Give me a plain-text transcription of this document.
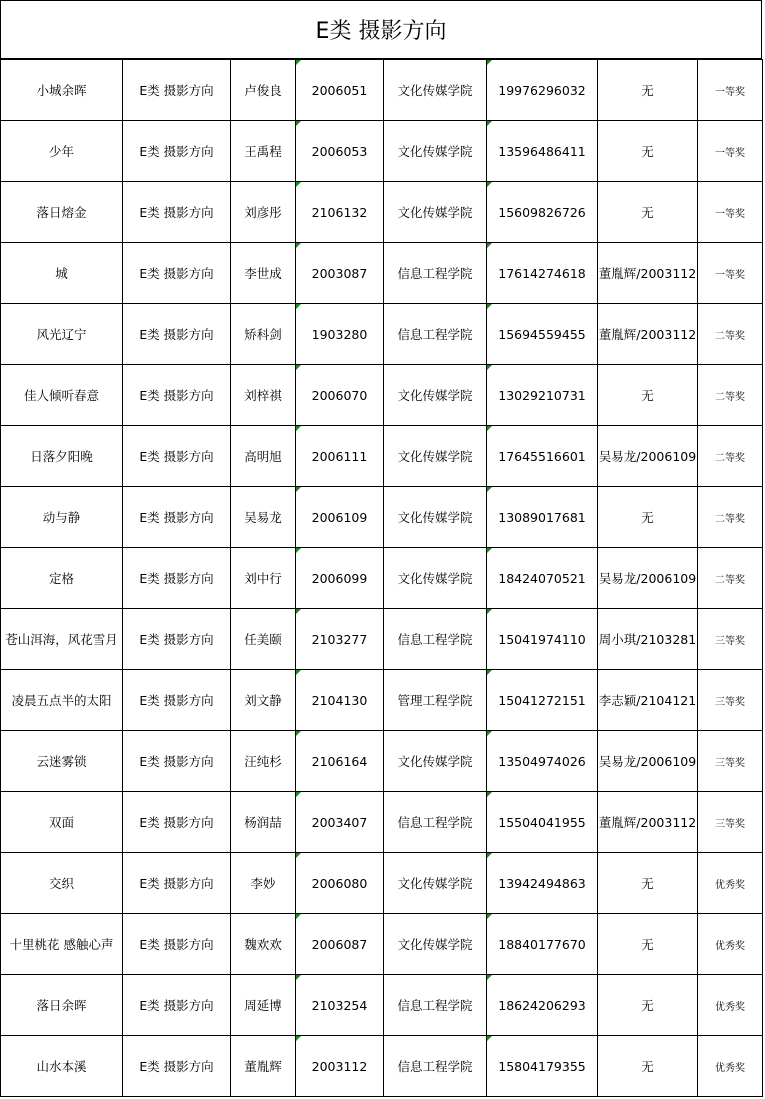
E类 摄影方向
小城余晖	E类 摄影方向	卢俊良	2006051	文化传媒学院	19976296032	无	一等奖
少年	E类 摄影方向	王禹程	2006053	文化传媒学院	13596486411	无	一等奖
落日熔金	E类 摄影方向	刘彦彤	2106132	文化传媒学院	15609826726	无	一等奖
城	E类 摄影方向	李世成	2003087	信息工程学院	17614274618	董胤辉/2003112	一等奖
风光辽宁	E类 摄影方向	矫科剑	1903280	信息工程学院	15694559455	董胤辉/2003112	二等奖
佳人倾听春意	E类 摄影方向	刘梓祺	2006070	文化传媒学院	13029210731	无	二等奖
日落夕阳晚	E类 摄影方向	高明旭	2006111	文化传媒学院	17645516601	吴易龙/2006109	二等奖
动与静	E类 摄影方向	吴易龙	2006109	文化传媒学院	13089017681	无	二等奖
定格	E类 摄影方向	刘中行	2006099	文化传媒学院	18424070521	吴易龙/2006109	二等奖
苍山洱海，风花雪月	E类 摄影方向	任美颐	2103277	信息工程学院	15041974110	周小琪/2103281	三等奖
凌晨五点半的太阳	E类 摄影方向	刘文静	2104130	管理工程学院	15041272151	李志颖/2104121	三等奖
云迷雾锁	E类 摄影方向	汪纯杉	2106164	文化传媒学院	13504974026	吴易龙/2006109	三等奖
双面	E类 摄影方向	杨润喆	2003407	信息工程学院	15504041955	董胤辉/2003112	三等奖
交织	E类 摄影方向	李妙	2006080	文化传媒学院	13942494863	无	优秀奖
十里桃花 感触心声	E类 摄影方向	魏欢欢	2006087	文化传媒学院	18840177670	无	优秀奖
落日余晖	E类 摄影方向	周延博	2103254	信息工程学院	18624206293	无	优秀奖
山水本溪	E类 摄影方向	董胤辉	2003112	信息工程学院	15804179355	无	优秀奖
